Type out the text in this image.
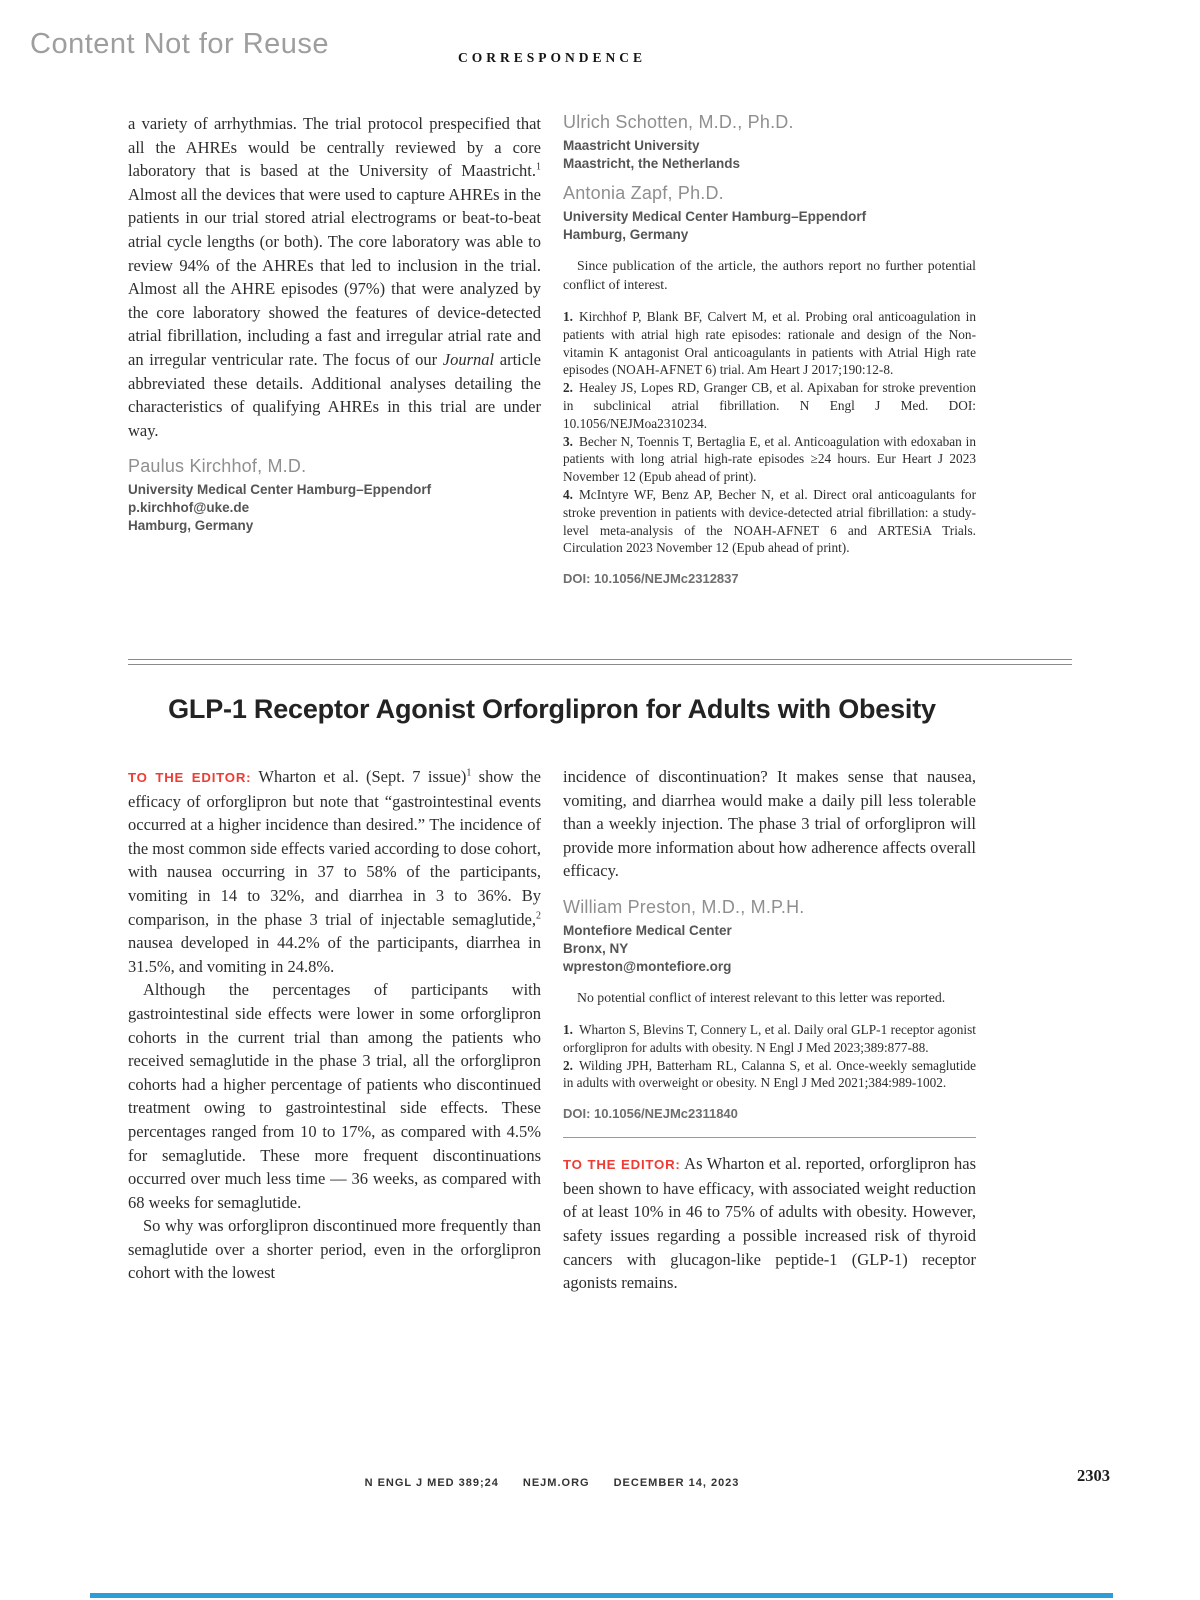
Content Not for Reuse	CORRESPONDENCE

a variety of arrhythmias. The trial protocol prespecified that all the AHREs would be centrally reviewed by a core laboratory that is based at the University of Maastricht.$^1$ Almost all the devices that were used to capture AHREs in the patients in our trial stored atrial electrograms or beat-to-beat atrial cycle lengths (or both). The core laboratory was able to review 94% of the AHREs that led to inclusion in the trial. Almost all the AHRE episodes (97%) that were analyzed by the core laboratory showed the features of device-detected atrial fibrillation, including a fast and irregular atrial rate and an irregular ventricular rate. The focus of our Journal article abbreviated these details. Additional analyses detailing the characteristics of qualifying AHREs in this trial are under way.

Paulus Kirchhof, M.D.
University Medical Center Hamburg–Eppendorf
p.kirchhof@uke.de
Hamburg, Germany
Ulrich Schotten, M.D., Ph.D.
Maastricht University
Maastricht, the Netherlands
Antonia Zapf, Ph.D.
University Medical Center Hamburg–Eppendorf
Hamburg, Germany

Since publication of the article, the authors report no further potential conflict of interest.

1. Kirchhof P, Blank BF, Calvert M, et al. Probing oral anticoagulation in patients with atrial high rate episodes: rationale and design of the Non-vitamin K antagonist Oral anticoagulants in patients with Atrial High rate episodes (NOAH-AFNET 6) trial. Am Heart J 2017;190:12-8.

2. Healey JS, Lopes RD, Granger CB, et al. Apixaban for stroke prevention in subclinical atrial fibrillation. N Engl J Med. DOI: 10.1056/NEJMoa2310234.

3. Becher N, Toennis T, Bertaglia E, et al. Anticoagulation with edoxaban in patients with long atrial high-rate episodes ≥24 hours. Eur Heart J 2023 November 12 (Epub ahead of print).

4. McIntyre WF, Benz AP, Becher N, et al. Direct oral anticoagulants for stroke prevention in patients with device-detected atrial fibrillation: a study-level meta-analysis of the NOAH-AFNET 6 and ARTESiA Trials. Circulation 2023 November 12 (Epub ahead of print).

DOI: 10.1056/NEJMc2312837
GLP-1 Receptor Agonist Orforglipron for Adults with Obesity

TO THE EDITOR: Wharton et al. (Sept. 7 issue)$^1$ show the efficacy of orforglipron but note that “gastrointestinal events occurred at a higher incidence than desired.” The incidence of the most common side effects varied according to dose cohort, with nausea occurring in 37 to 58% of the participants, vomiting in 14 to 32%, and diarrhea in 3 to 36%. By comparison, in the phase 3 trial of injectable semaglutide,$^2$ nausea developed in 44.2% of the participants, diarrhea in 31.5%, and vomiting in 24.8%.

Although the percentages of participants with gastrointestinal side effects were lower in some orforglipron cohorts in the current trial than among the patients who received semaglutide in the phase 3 trial, all the orforglipron cohorts had a higher percentage of patients who discontinued treatment owing to gastrointestinal side effects. These percentages ranged from 10 to 17%, as compared with 4.5% for semaglutide. These more frequent discontinuations occurred over much less time — 36 weeks, as compared with 68 weeks for semaglutide.

So why was orforglipron discontinued more frequently than semaglutide over a shorter period, even in the orforglipron cohort with the lowest

incidence of discontinuation? It makes sense that nausea, vomiting, and diarrhea would make a daily pill less tolerable than a weekly injection. The phase 3 trial of orforglipron will provide more information about how adherence affects overall efficacy.

William Preston, M.D., M.P.H.
Montefiore Medical Center
Bronx, NY
wpreston@montefiore.org

No potential conflict of interest relevant to this letter was reported.

1. Wharton S, Blevins T, Connery L, et al. Daily oral GLP-1 receptor agonist orforglipron for adults with obesity. N Engl J Med 2023;389:877-88.

2. Wilding JPH, Batterham RL, Calanna S, et al. Once-weekly semaglutide in adults with overweight or obesity. N Engl J Med 2021;384:989-1002.

DOI: 10.1056/NEJMc2311840

TO THE EDITOR: As Wharton et al. reported, orforglipron has been shown to have efficacy, with associated weight reduction of at least 10% in 46 to 75% of adults with obesity. However, safety issues regarding a possible increased risk of thyroid cancers with glucagon-like peptide-1 (GLP-1) receptor agonists remains.

N ENGL J MED 389;24 NEJM.ORG DECEMBER 14, 2023	2303
